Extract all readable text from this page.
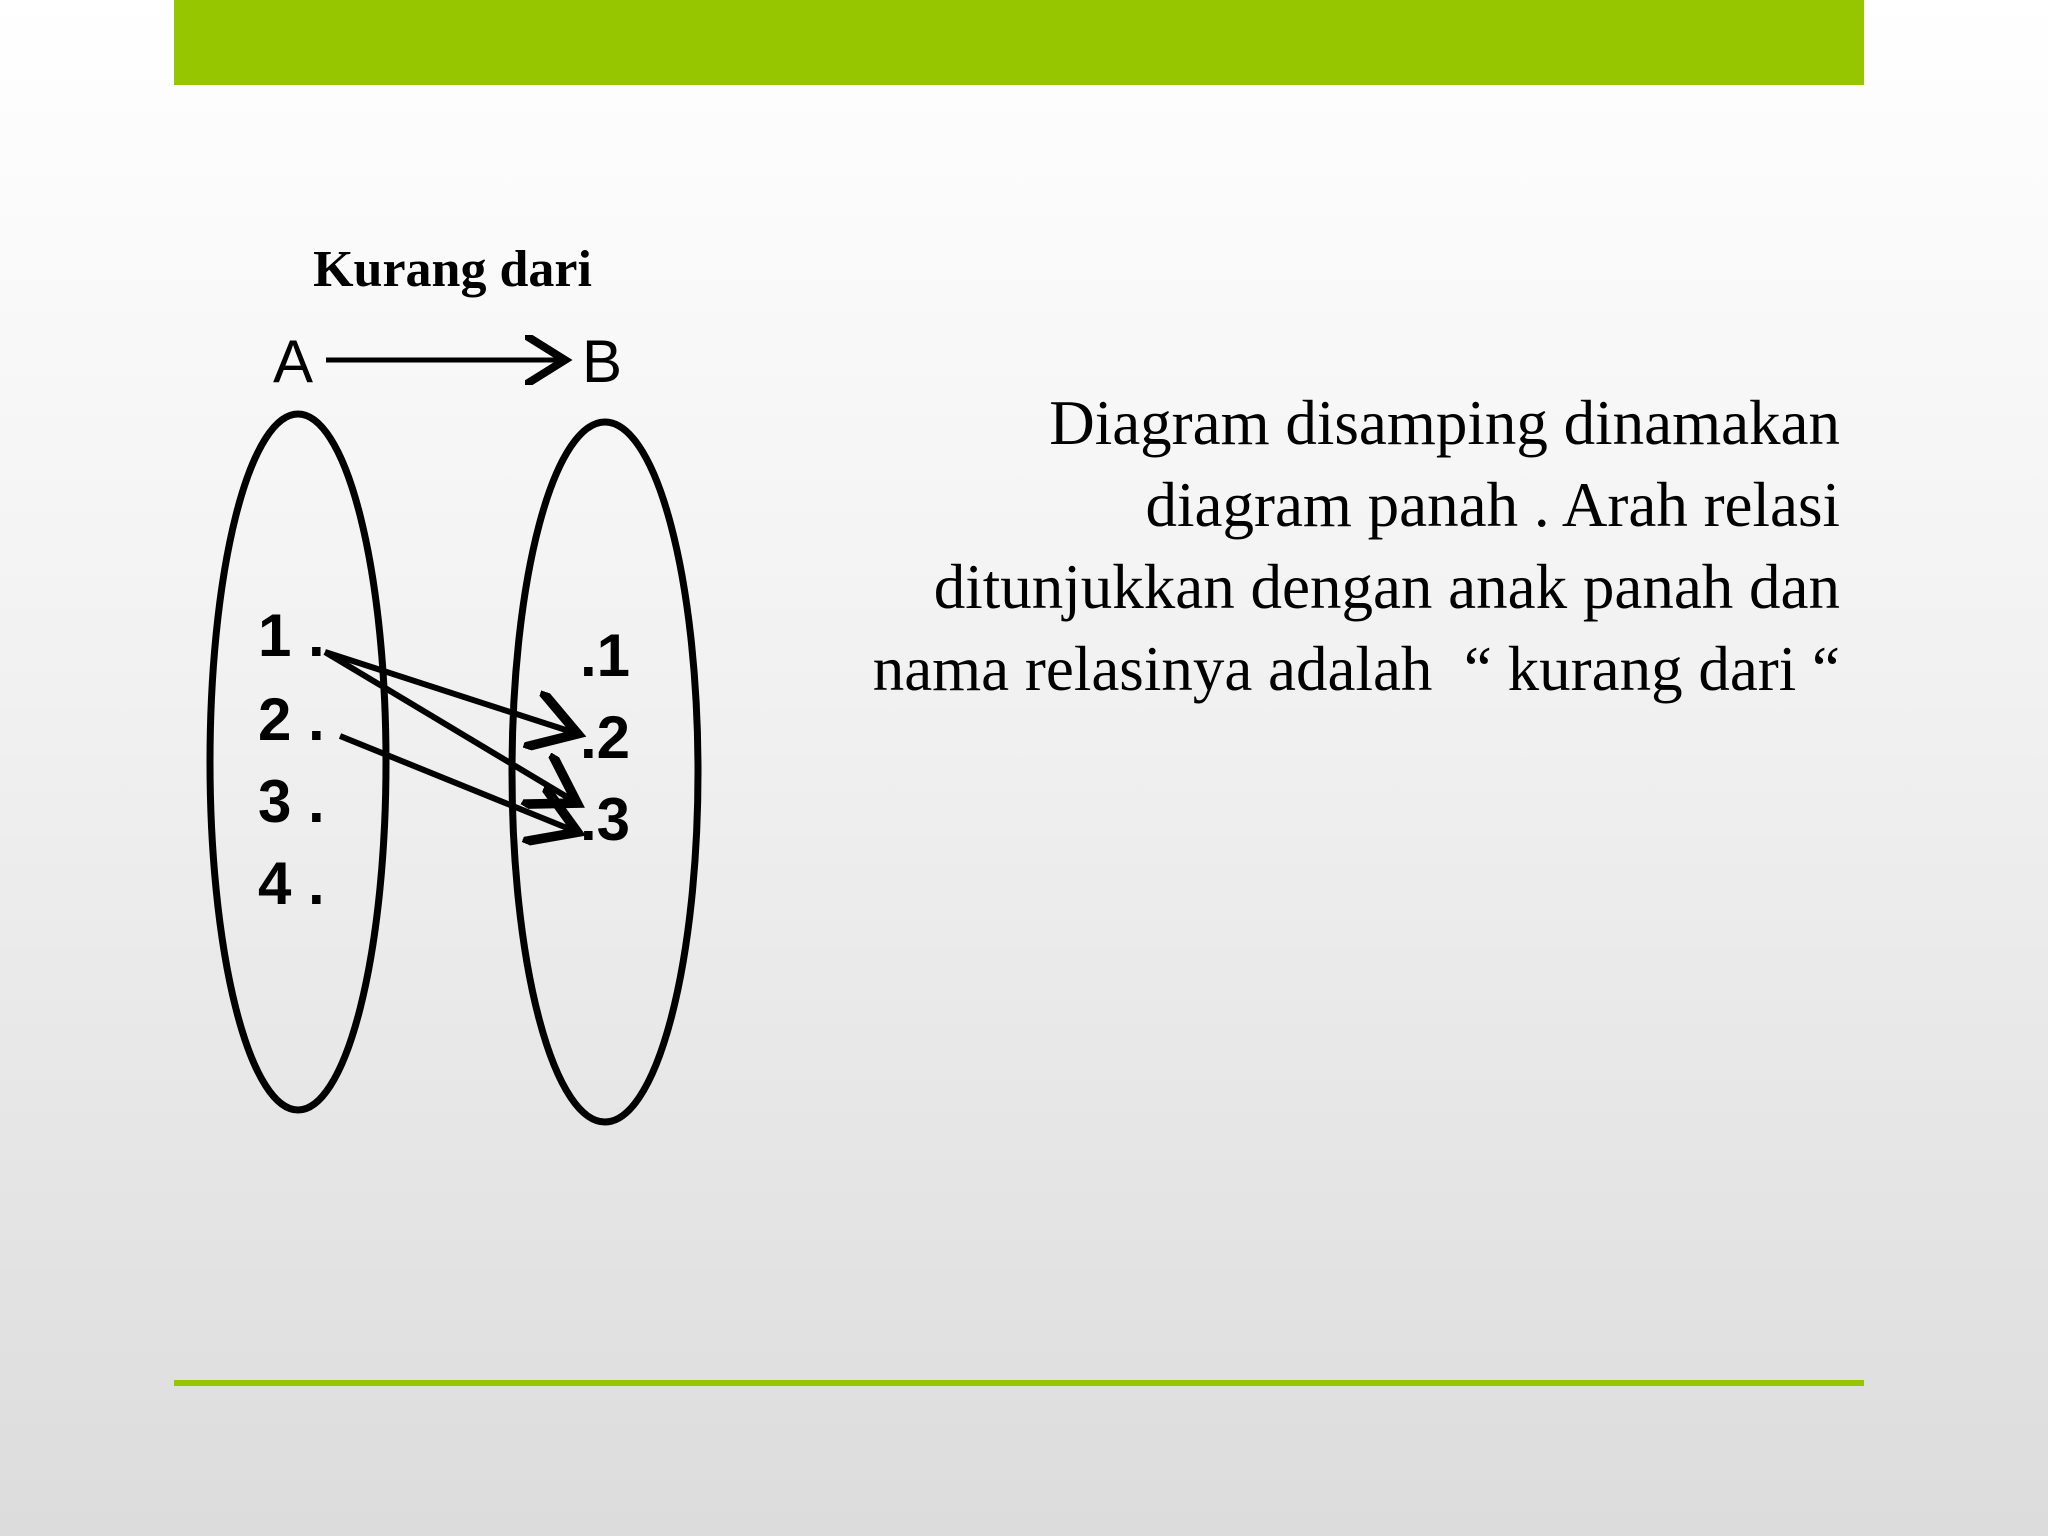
Kurang dari
A	B
1 .
2 .
3 .
4 .
.1
.2
.3
Diagram disamping dinamakan
diagram panah . Arah relasi
ditunjukkan dengan anak panah dan
nama relasinya adalah  “ kurang dari “
